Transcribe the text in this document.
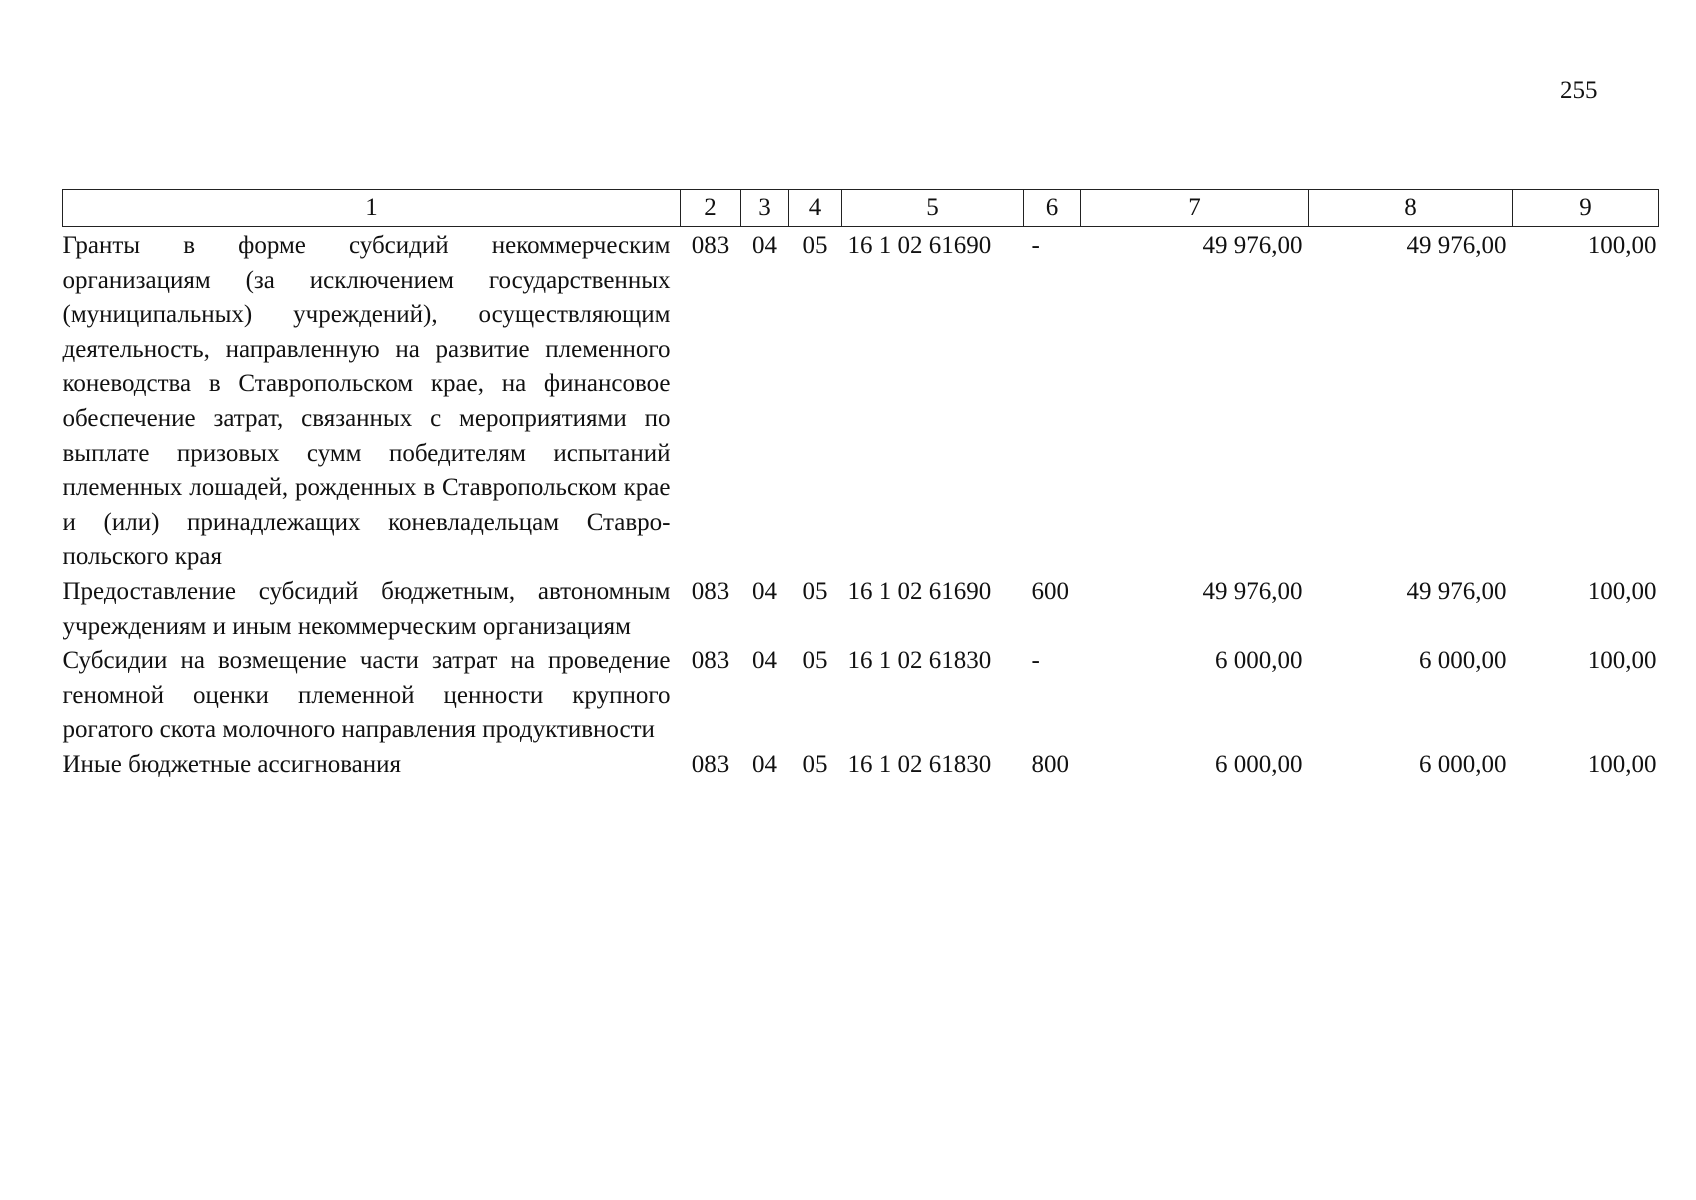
255
1	2	3	4	5	6	7	8	9
Гранты в форме субсидий некоммерческим организациям (за исключением государственных (муниципальных) учреждений), осуществляющим деятельность, направленную на развитие племенного коневодства в Ставропольском крае, на финансовое обеспечение затрат, связанных с мероприятиями по выплате призовых сумм победителям испытаний племенных лошадей, рожденных в Ставропольском крае и (или) принадлежащих коневладельцам Ставропольского края	083	04	05	16 1 02 61690	-	49 976,00	49 976,00	100,00
Предоставление субсидий бюджетным, автономным учреждениям и иным некоммерческим организациям	083	04	05	16 1 02 61690	600	49 976,00	49 976,00	100,00
Субсидии на возмещение части затрат на проведение геномной оценки племенной ценности крупного рогатого скота молочного направления продуктивности	083	04	05	16 1 02 61830	-	6 000,00	6 000,00	100,00
Иные бюджетные ассигнования	083	04	05	16 1 02 61830	800	6 000,00	6 000,00	100,00
